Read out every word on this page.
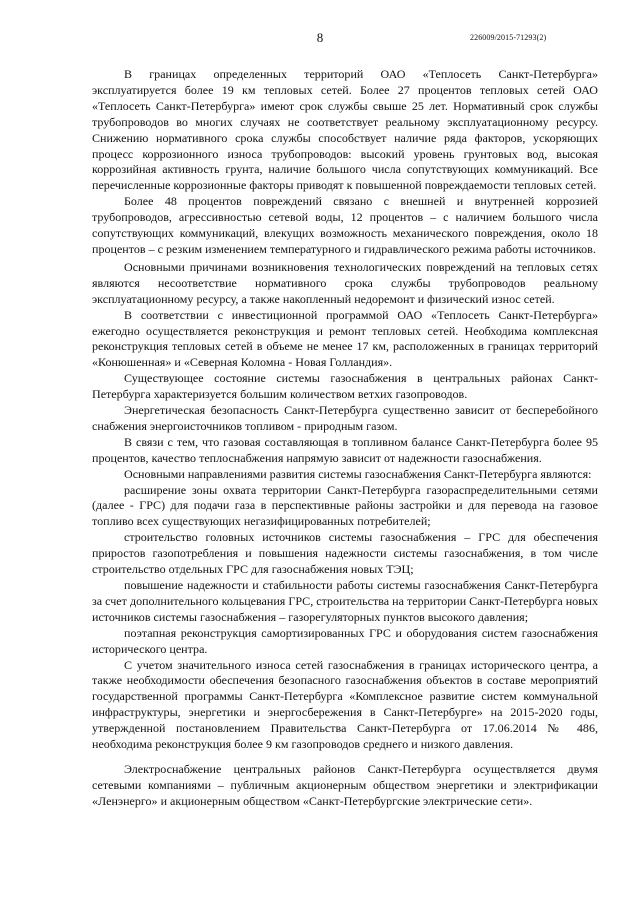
8	226009/2015-71293(2)

В границах определенных территорий ОАО «Теплосеть Санкт-Петербурга» эксплуатируется более 19 км тепловых сетей. Более 27 процентов тепловых сетей ОАО «Теплосеть Санкт-Петербурга» имеют срок службы свыше 25 лет. Нормативный срок службы трубопроводов во многих случаях не соответствует реальному эксплуатационному ресурсу. Снижению нормативного срока службы способствует наличие ряда факторов, ускоряющих процесс коррозионного износа трубопроводов: высокий уровень грунтовых вод, высокая коррозийная активность грунта, наличие большого числа сопутствующих коммуникаций. Все перечисленные коррозионные факторы приводят к повышенной повреждаемости тепловых сетей.

Более 48 процентов повреждений связано с внешней и внутренней коррозией трубопроводов, агрессивностью сетевой воды, 12 процентов – с наличием большого числа сопутствующих коммуникаций, влекущих возможность механического повреждения, около 18 процентов – с резким изменением температурного и гидравлического режима работы источников.

Основными причинами возникновения технологических повреждений на тепловых сетях являются несоответствие нормативного срока службы трубопроводов реальному эксплуатационному ресурсу, а также накопленный недоремонт и физический износ сетей.

В соответствии с инвестиционной программой ОАО «Теплосеть Санкт-Петербурга» ежегодно осуществляется реконструкция и ремонт тепловых сетей. Необходима комплексная реконструкция тепловых сетей в объеме не менее 17 км, расположенных в границах территорий «Конюшенная» и «Северная Коломна - Новая Голландия».

Существующее состояние системы газоснабжения в центральных районах Санкт-Петербурга характеризуется большим количеством ветхих газопроводов.

Энергетическая безопасность Санкт-Петербурга существенно зависит от бесперебойного снабжения энергоисточников топливом - природным газом.

В связи с тем, что газовая составляющая в топливном балансе Санкт-Петербурга более 95 процентов, качество теплоснабжения напрямую зависит от надежности газоснабжения.

Основными направлениями развития системы газоснабжения Санкт-Петербурга являются:

расширение зоны охвата территории Санкт-Петербурга газораспределительными сетями (далее - ГРС) для подачи газа в перспективные районы застройки и для перевода на газовое топливо всех существующих негазифицированных потребителей;

строительство головных источников системы газоснабжения – ГРС для обеспечения приростов газопотребления и повышения надежности системы газоснабжения, в том числе строительство отдельных ГРС для газоснабжения новых ТЭЦ;

повышение надежности и стабильности работы системы газоснабжения Санкт-Петербурга за счет дополнительного кольцевания ГРС, строительства на территории Санкт-Петербурга новых источников системы газоснабжения – газорегуляторных пунктов высокого давления;

поэтапная реконструкция самортизированных ГРС и оборудования систем газоснабжения исторического центра.

С учетом значительного износа сетей газоснабжения в границах исторического центра, а также необходимости обеспечения безопасного газоснабжения объектов в составе мероприятий государственной программы Санкт-Петербурга «Комплексное развитие систем коммунальной инфраструктуры, энергетики и энергосбережения в Санкт-Петербурге» на 2015-2020 годы, утвержденной постановлением Правительства Санкт-Петербурга от 17.06.2014 № 486, необходима реконструкция более 9 км газопроводов среднего и низкого давления.

Электроснабжение центральных районов Санкт-Петербурга осуществляется двумя сетевыми компаниями – публичным акционерным обществом энергетики и электрификации «Ленэнерго» и акционерным обществом «Санкт-Петербургские электрические сети».
